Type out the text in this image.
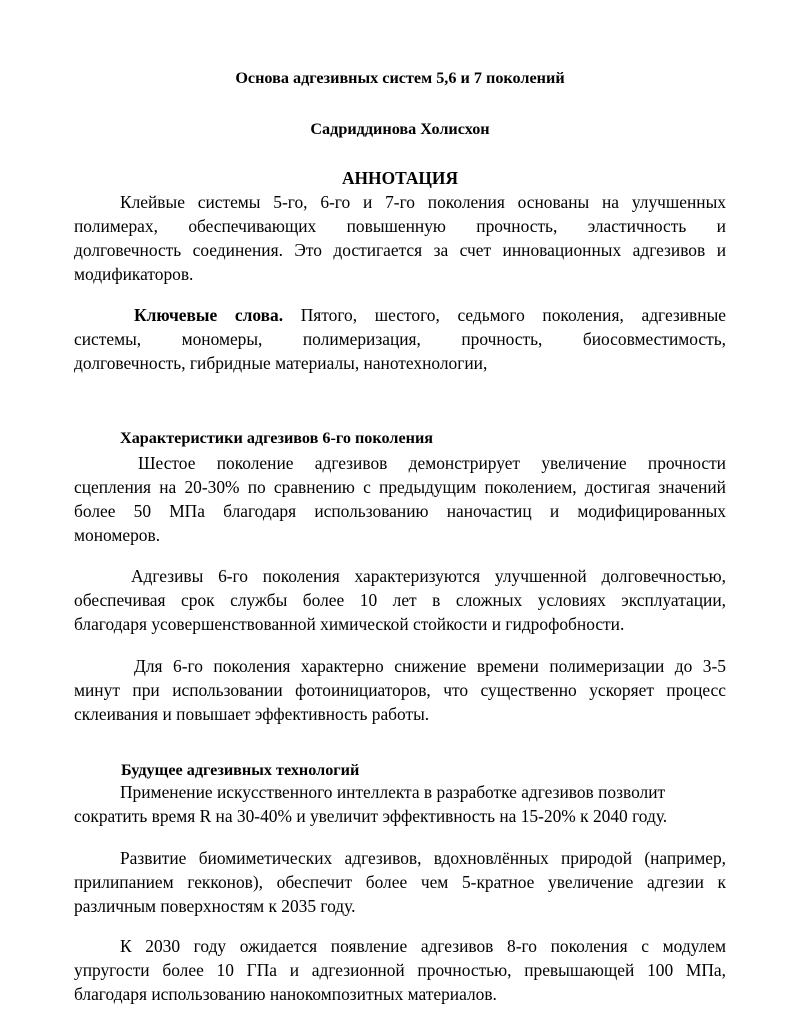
Основа адгезивных систем 5,6 и 7 поколений
Садриддинова Холисхон
АННОТАЦИЯ
Клейвые системы 5-го, 6-го и 7-го поколения основаны на улучшенных
полимерах, обеспечивающих повышенную прочность, эластичность и
долговечность соединения. Это достигается за счет инновационных адгезивов и
модификаторов.
Ключевые слова. Пятого, шестого, седьмого поколения, адгезивные
системы, мономеры, полимеризация, прочность, биосовместимость,
долговечность, гибридные материалы, нанотехнологии,
Характеристики адгезивов 6-го поколения
Шестое поколение адгезивов демонстрирует увеличение прочности
сцепления на 20-30% по сравнению с предыдущим поколением, достигая значений
более 50 МПа благодаря использованию наночастиц и модифицированных
мономеров.
Адгезивы 6-го поколения характеризуются улучшенной долговечностью,
обеспечивая срок службы более 10 лет в сложных условиях эксплуатации,
благодаря усовершенствованной химической стойкости и гидрофобности.
Для 6-го поколения характерно снижение времени полимеризации до 3-5
минут при использовании фотоинициаторов, что существенно ускоряет процесс
склеивания и повышает эффективность работы.
Будущее адгезивных технологий
Применение искусственного интеллекта в разработке адгезивов позволит
сократить время R на 30-40% и увеличит эффективность на 15-20% к 2040 году.
Развитие биомиметических адгезивов, вдохновлённых природой (например,
прилипанием гекконов), обеспечит более чем 5-кратное увеличение адгезии к
различным поверхностям к 2035 году.
К 2030 году ожидается появление адгезивов 8-го поколения с модулем
упругости более 10 ГПа и адгезионной прочностью, превышающей 100 МПа,
благодаря использованию нанокомпозитных материалов.
